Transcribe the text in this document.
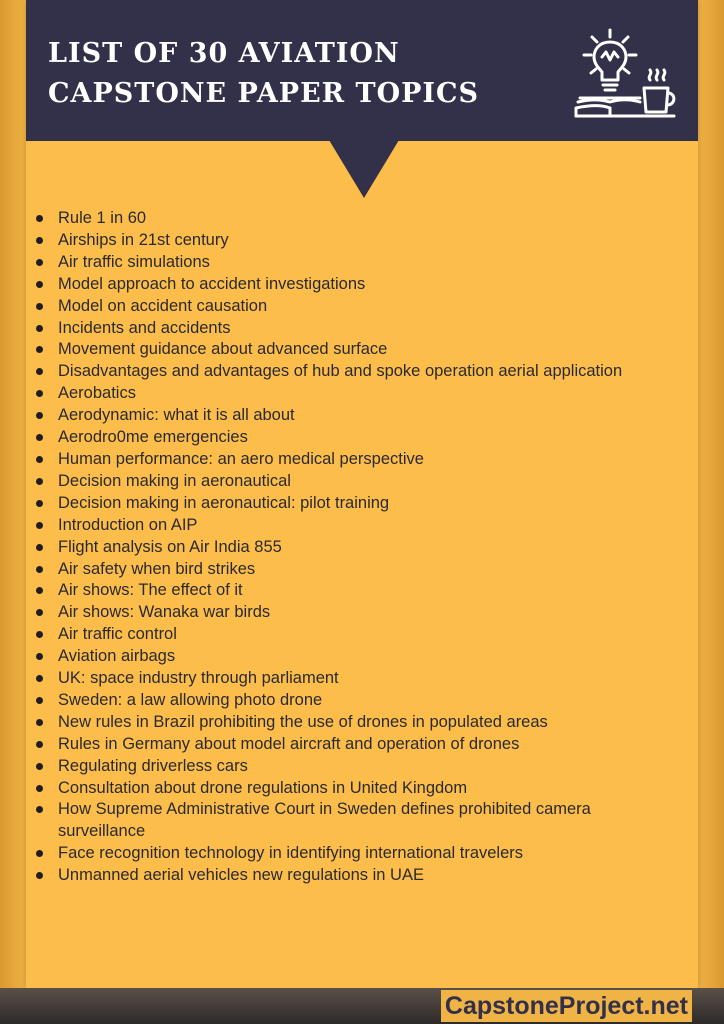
LIST OF 30 AVIATION
CAPSTONE PAPER TOPICS
Rule 1 in 60
Airships in 21st century
Air traffic simulations
Model approach to accident investigations
Model on accident causation
Incidents and accidents
Movement guidance about advanced surface
Disadvantages and advantages of hub and spoke operation aerial application
Aerobatics
Aerodynamic: what it is all about
Aerodro0me emergencies
Human performance: an aero medical perspective
Decision making in aeronautical
Decision making in aeronautical: pilot training
Introduction on AIP
Flight analysis on Air India 855
Air safety when bird strikes
Air shows: The effect of it
Air shows: Wanaka war birds
Air traffic control
Aviation airbags
UK: space industry through parliament
Sweden: a law allowing photo drone
New rules in Brazil prohibiting the use of drones in populated areas
Rules in Germany about model aircraft and operation of drones
Regulating driverless cars
Consultation about drone regulations in United Kingdom
How Supreme Administrative Court in Sweden defines prohibited camera surveillance
Face recognition technology in identifying international travelers
Unmanned aerial vehicles new regulations in UAE
CapstoneProject.net
